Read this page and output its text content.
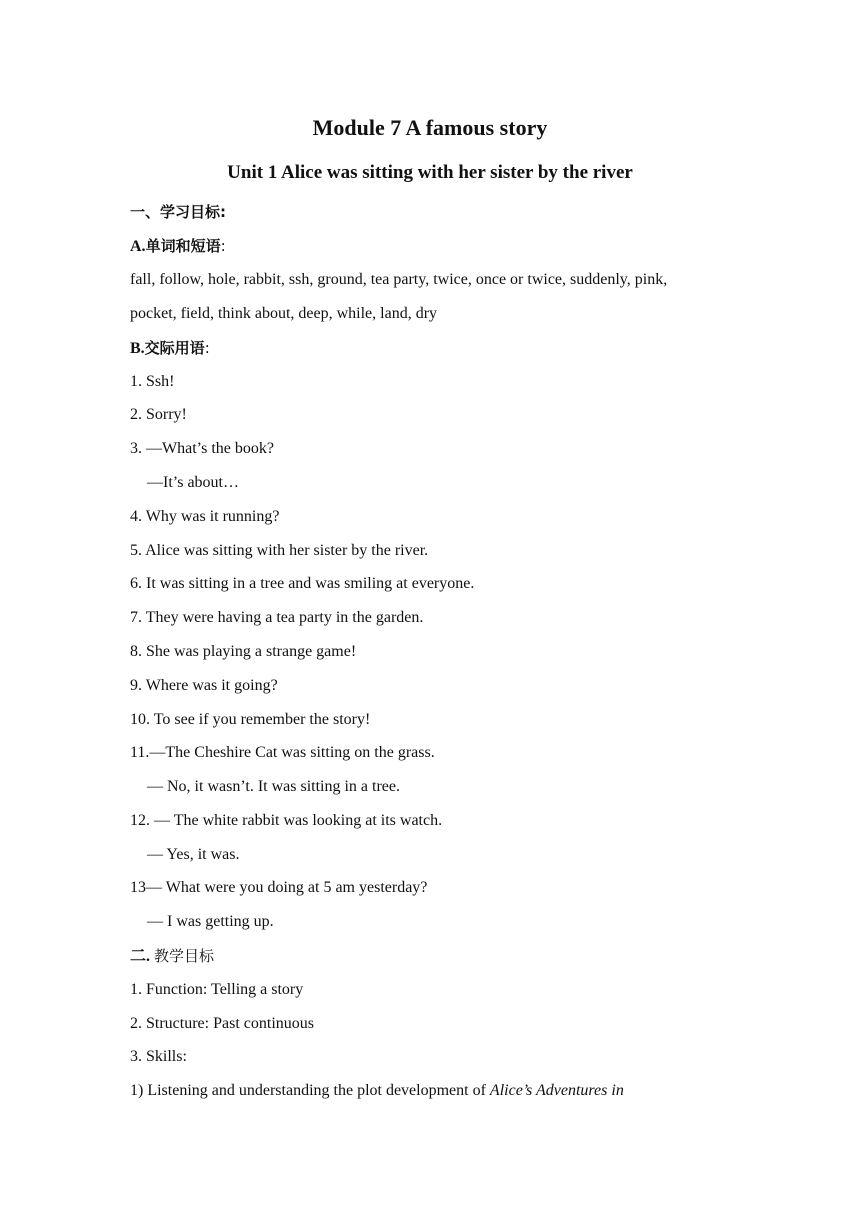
Module 7 A famous story
Unit 1 Alice was sitting with her sister by the river
一、学习目标:
A.单词和短语:
fall, follow, hole, rabbit, ssh, ground, tea party, twice, once or twice, suddenly, pink,
pocket, field, think about, deep, while, land, dry
B.交际用语:
1. Ssh!
2. Sorry!
3. —What’s the book?
—It’s about…
4. Why was it running?
5. Alice was sitting with her sister by the river.
6. It was sitting in a tree and was smiling at everyone.
7. They were having a tea party in the garden.
8. She was playing a strange game!
9. Where was it going?
10. To see if you remember the story!
11.—The Cheshire Cat was sitting on the grass.
— No, it wasn’t. It was sitting in a tree.
12. — The white rabbit was looking at its watch.
— Yes, it was.
13— What were you doing at 5 am yesterday?
— I was getting up.
二. 教学目标
1. Function: Telling a story
2. Structure: Past continuous
3. Skills:
1) Listening and understanding the plot development of Alice’s Adventures in
